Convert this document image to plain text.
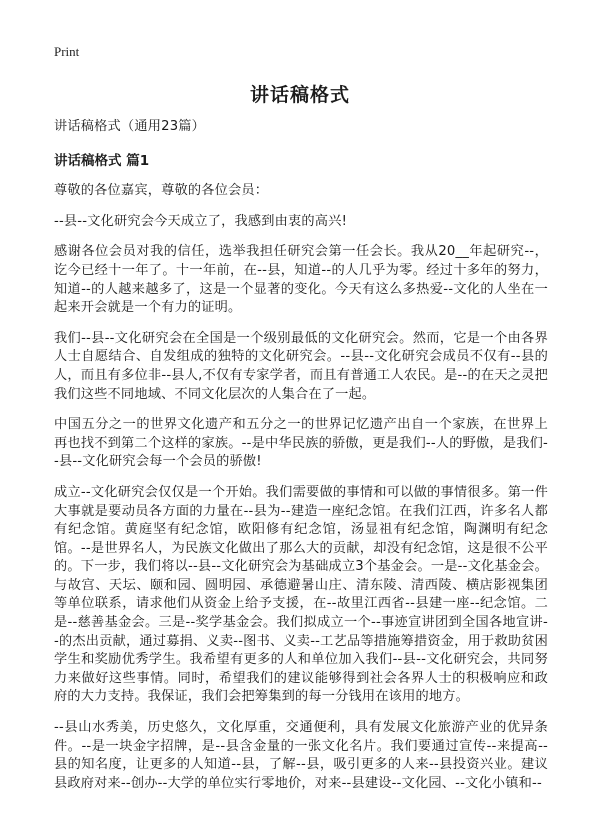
Print
讲话稿格式

讲话稿格式（通用23篇）

讲话稿格式 篇1

尊敬的各位嘉宾，尊敬的各位会员：

--县--文化研究会今天成立了，我感到由衷的高兴!

感谢各位会员对我的信任，选举我担任研究会第一任会长。我从20__年起研究--，讫今已经十一年了。十一年前，在--县，知道--的人几乎为零。经过十多年的努力，知道--的人越来越多了，这是一个显著的变化。今天有这么多热爱--文化的人坐在一起来开会就是一个有力的证明。

我们--县--文化研究会在全国是一个级别最低的文化研究会。然而，它是一个由各界人士自愿结合、自发组成的独特的文化研究会。--县--文化研究会成员不仅有--县的人，而且有多位非--县人,不仅有专家学者，而且有普通工人农民。是--的在天之灵把我们这些不同地域、不同文化层次的人集合在了一起。

中国五分之一的世界文化遗产和五分之一的世界记忆遗产出自一个家族，在世界上再也找不到第二个这样的家族。--是中华民族的骄傲，更是我们--人的野傲，是我们--县--文化研究会每一个会员的骄傲!

成立--文化研究会仅仅是一个开始。我们需要做的事情和可以做的事情很多。第一件大事就是要动员各方面的力量在--县为--建造一座纪念馆。在我们江西，许多名人都有纪念馆。黄庭坚有纪念馆，欧阳修有纪念馆，汤显祖有纪念馆，陶渊明有纪念馆。--是世界名人，为民族文化做出了那么大的贡献，却没有纪念馆，这是很不公平的。下一步，我们将以--县--文化研究会为基础成立3个基金会。一是--文化基金会。与故宫、天坛、颐和园、圆明园、承德避暑山庄、清东陵、清西陵、横店影视集团等单位联系，请求他们从资金上给予支援，在--故里江西省--县建一座--纪念馆。二是--慈善基金会。三是--奖学基金会。我们拟成立一个--事迹宣讲团到全国各地宣讲--的杰出贡献，通过募捐、义卖--图书、义卖--工艺品等措施筹措资金，用于救助贫困学生和奖励优秀学生。我希望有更多的人和单位加入我们--县--文化研究会，共同努力来做好这些事情。同时，希望我们的建议能够得到社会各界人士的积极响应和政府的大力支持。我保证，我们会把筹集到的每一分钱用在该用的地方。

--县山水秀美，历史悠久，文化厚重，交通便利，具有发展文化旅游产业的优异条件。--是一块金字招牌，是--县含金量的一张文化名片。我们要通过宣传--来提高--县的知名度，让更多的人知道--县，了解--县，吸引更多的人来--县投资兴业。建议县政府对来--创办--大学的单位实行零地价，对来--县建设--文化园、--文化小镇和--
